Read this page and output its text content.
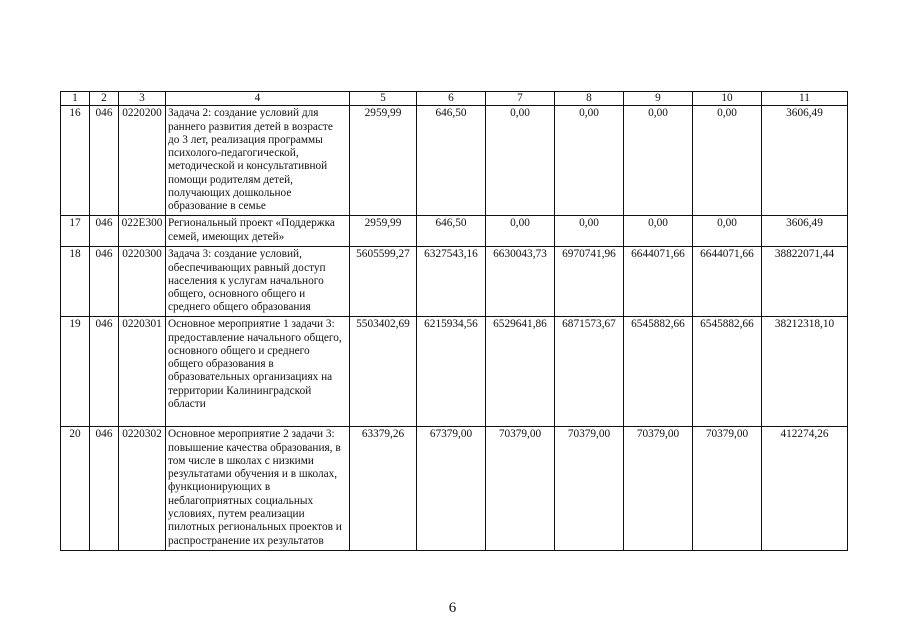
1	2	3	4	5	6	7	8	9	10	11
16	046	0220200	Задача 2: создание условий для раннего развития детей в возрасте до 3 лет, реализация программы психолого-педагогической, методической и консультативной помощи родителям детей, получающих дошкольное образование в семье	2959,99	646,50	0,00	0,00	0,00	0,00	3606,49
17	046	022Е300	Региональный проект «Поддержка семей, имеющих детей»	2959,99	646,50	0,00	0,00	0,00	0,00	3606,49
18	046	0220300	Задача 3: создание условий, обеспечивающих равный доступ населения к услугам начального общего, основного общего и среднего общего образования	5605599,27	6327543,16	6630043,73	6970741,96	6644071,66	6644071,66	38822071,44
19	046	0220301	Основное мероприятие 1 задачи 3: предоставление начального общего, основного общего и среднего общего образования в образовательных организациях на территории Калининградской области	5503402,69	6215934,56	6529641,86	6871573,67	6545882,66	6545882,66	38212318,10
20	046	0220302	Основное мероприятие 2 задачи 3: повышение качества образования, в том числе в школах с низкими результатами обучения и в школах, функционирующих в неблагоприятных социальных условиях, путем реализации пилотных региональных проектов и распространение их результатов	63379,26	67379,00	70379,00	70379,00	70379,00	70379,00	412274,26
6
